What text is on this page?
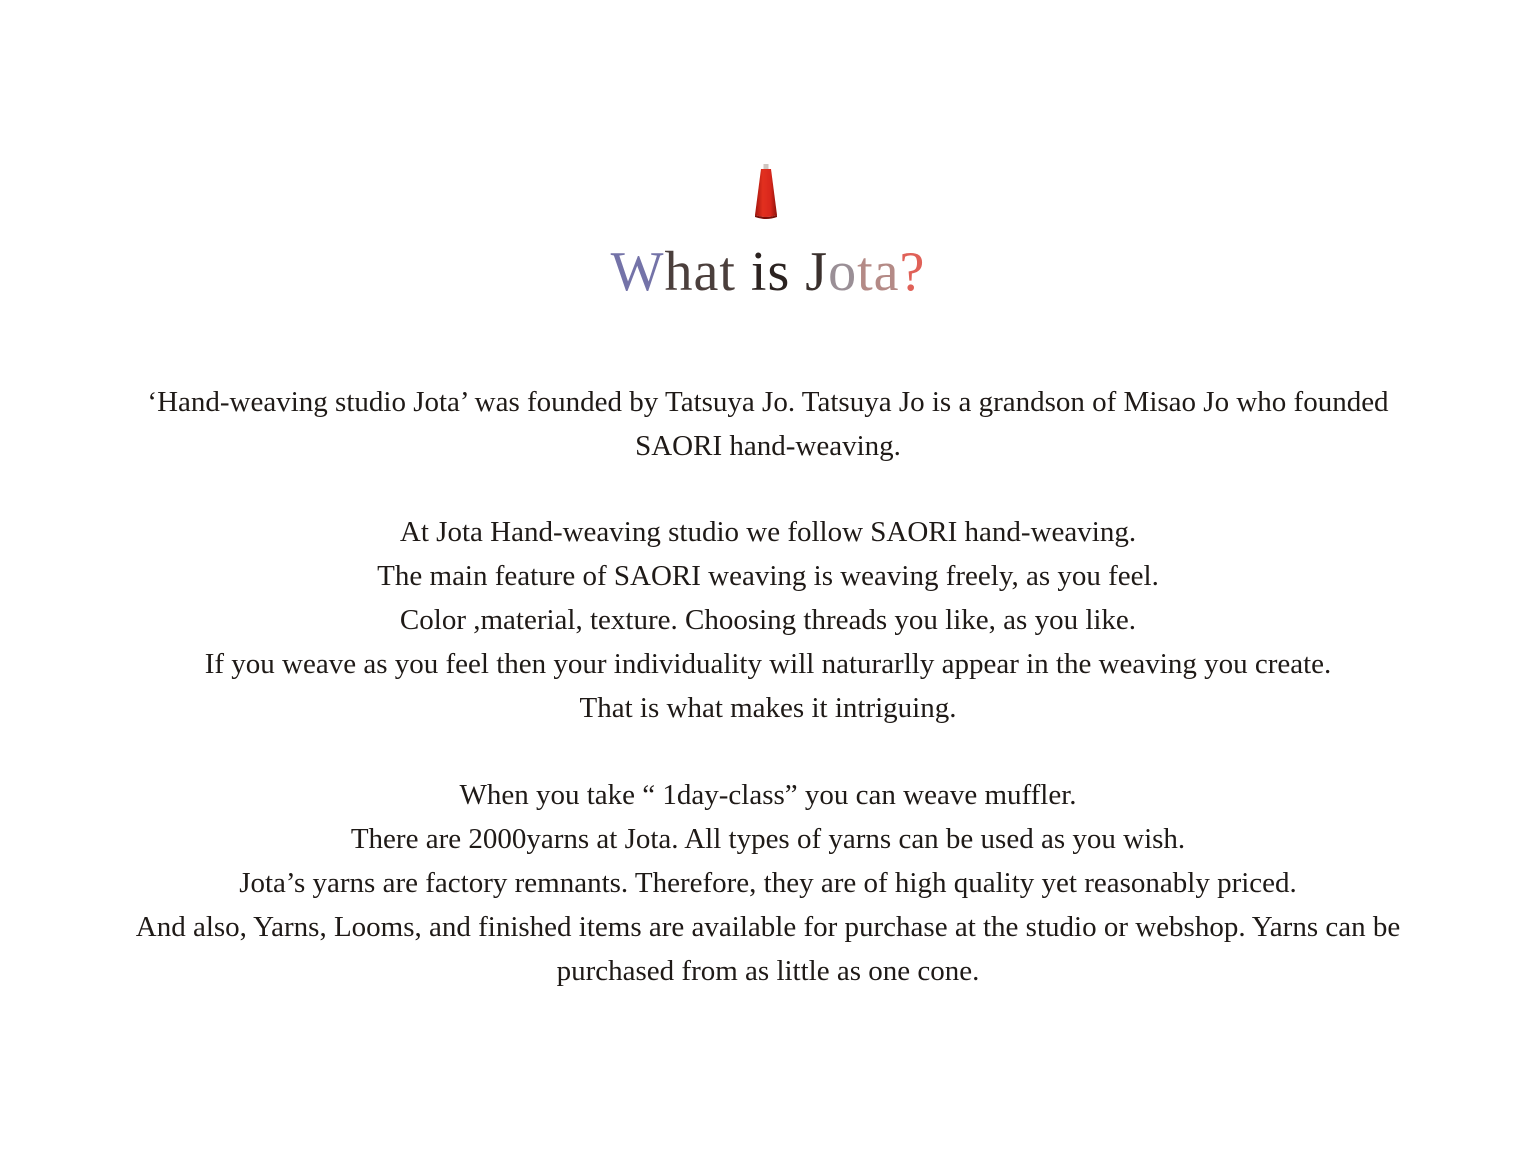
What is Jota?

‘Hand-weaving studio Jota’ was founded by Tatsuya Jo. Tatsuya Jo is a grandson of Misao Jo who founded
SAORI hand-weaving.

At Jota Hand-weaving studio we follow SAORI hand-weaving.
The main feature of SAORI weaving is weaving freely, as you feel.
Color ,material, texture. Choosing threads you like, as you like.
If you weave as you feel then your individuality will naturarlly appear in the weaving you create.
That is what makes it intriguing.

When you take “ 1day-class” you can weave muffler.
There are 2000yarns at Jota. All types of yarns can be used as you wish.
Jota’s yarns are factory remnants. Therefore, they are of high quality yet reasonably priced.
And also, Yarns, Looms, and finished items are available for purchase at the studio or webshop. Yarns can be
purchased from as little as one cone.
